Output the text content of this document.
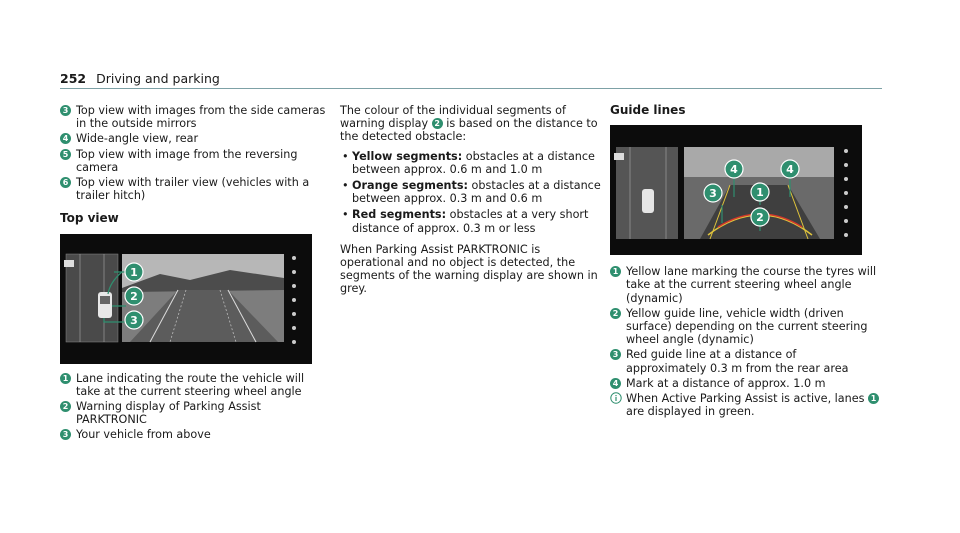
252 Driving and parking
3 Top view with images from the side cameras in the outside mirrors
4 Wide-angle view, rear
5 Top view with image from the reversing camera
6 Top view with trailer view (vehicles with a trailer hitch)
Top view
1
2
3
1 Lane indicating the route the vehicle will take at the current steering wheel angle
2 Warning display of Parking Assist PARKTRONIC
3 Your vehicle from above

The colour of the individual segments of warning display 2 is based on the distance to the detected obstacle:

• Yellow segments: obstacles at a distance between approx. 0.6 m and 1.0 m
• Orange segments: obstacles at a distance between approx. 0.3 m and 0.6 m
• Red segments: obstacles at a very short distance of approx. 0.3 m or less

When Parking Assist PARKTRONIC is operational and no object is detected, the segments of the warning display are shown in grey.

Guide lines
4	4
3	1
2
1 Yellow lane marking the course the tyres will take at the current steering wheel angle (dynamic)
2 Yellow guide line, vehicle width (driven surface) depending on the current steering wheel angle (dynamic)
3 Red guide line at a distance of approximately 0.3 m from the rear area
4 Mark at a distance of approx. 1.0 m
When Active Parking Assist is active, lanes 1 are displayed in green.
